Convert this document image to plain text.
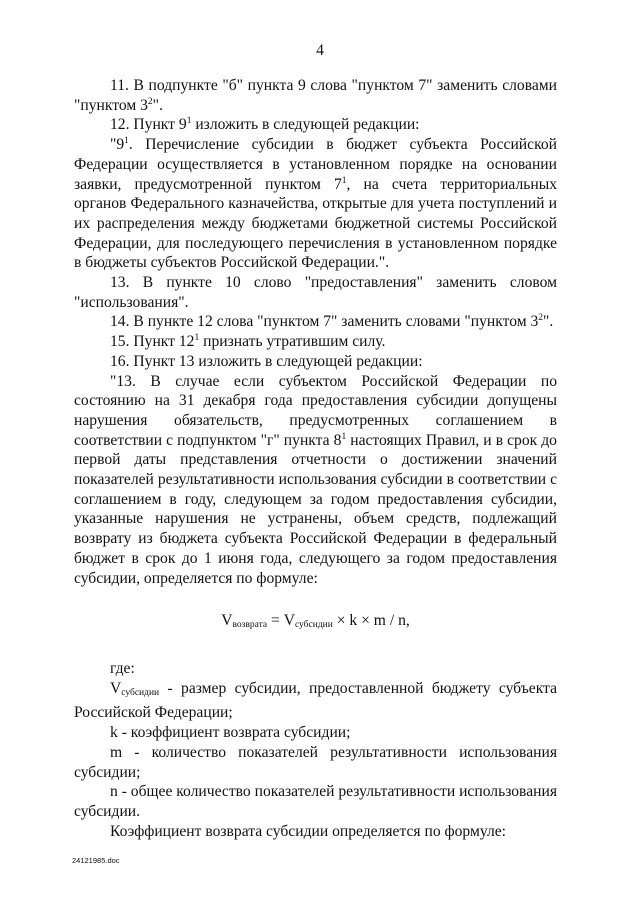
4

11. В подпункте "б" пункта 9 слова "пунктом 7" заменить словами "пунктом $3^2$".

12. Пункт $9^1$ изложить в следующей редакции:

"$9^1$. Перечисление субсидии в бюджет субъекта Российской Федерации осуществляется в установленном порядке на основании заявки, предусмотренной пунктом $7^1$, на счета территориальных органов Федерального казначейства, открытые для учета поступлений и их распределения между бюджетами бюджетной системы Российской Федерации, для последующего перечисления в установленном порядке в бюджеты субъектов Российской Федерации.".

13. В пункте 10 слово "предоставления" заменить словом "использования".

14. В пункте 12 слова "пунктом 7" заменить словами "пунктом $3^2$".

15. Пункт $12^1$ признать утратившим силу.

16. Пункт 13 изложить в следующей редакции:

"13. В случае если субъектом Российской Федерации по состоянию на 31 декабря года предоставления субсидии допущены нарушения обязательств, предусмотренных соглашением в соответствии с подпунктом "г" пункта $8^1$ настоящих Правил, и в срок до первой даты представления отчетности о достижении значений показателей результативности использования субсидии в соответствии с соглашением в году, следующем за годом предоставления субсидии, указанные нарушения не устранены, объем средств, подлежащий возврату из бюджета субъекта Российской Федерации в федеральный бюджет в срок до 1 июня года, следующего за годом предоставления субсидии, определяется по формуле:

$V_{возврата} = V_{субсидии} \times k \times m / n$,

где:

$V_{субсидии}$ - размер субсидии, предоставленной бюджету субъекта Российской Федерации;

k - коэффициент возврата субсидии;

m - количество показателей результативности использования субсидии;

n - общее количество показателей результативности использования субсидии.

Коэффициент возврата субсидии определяется по формуле:

24121985.doc
